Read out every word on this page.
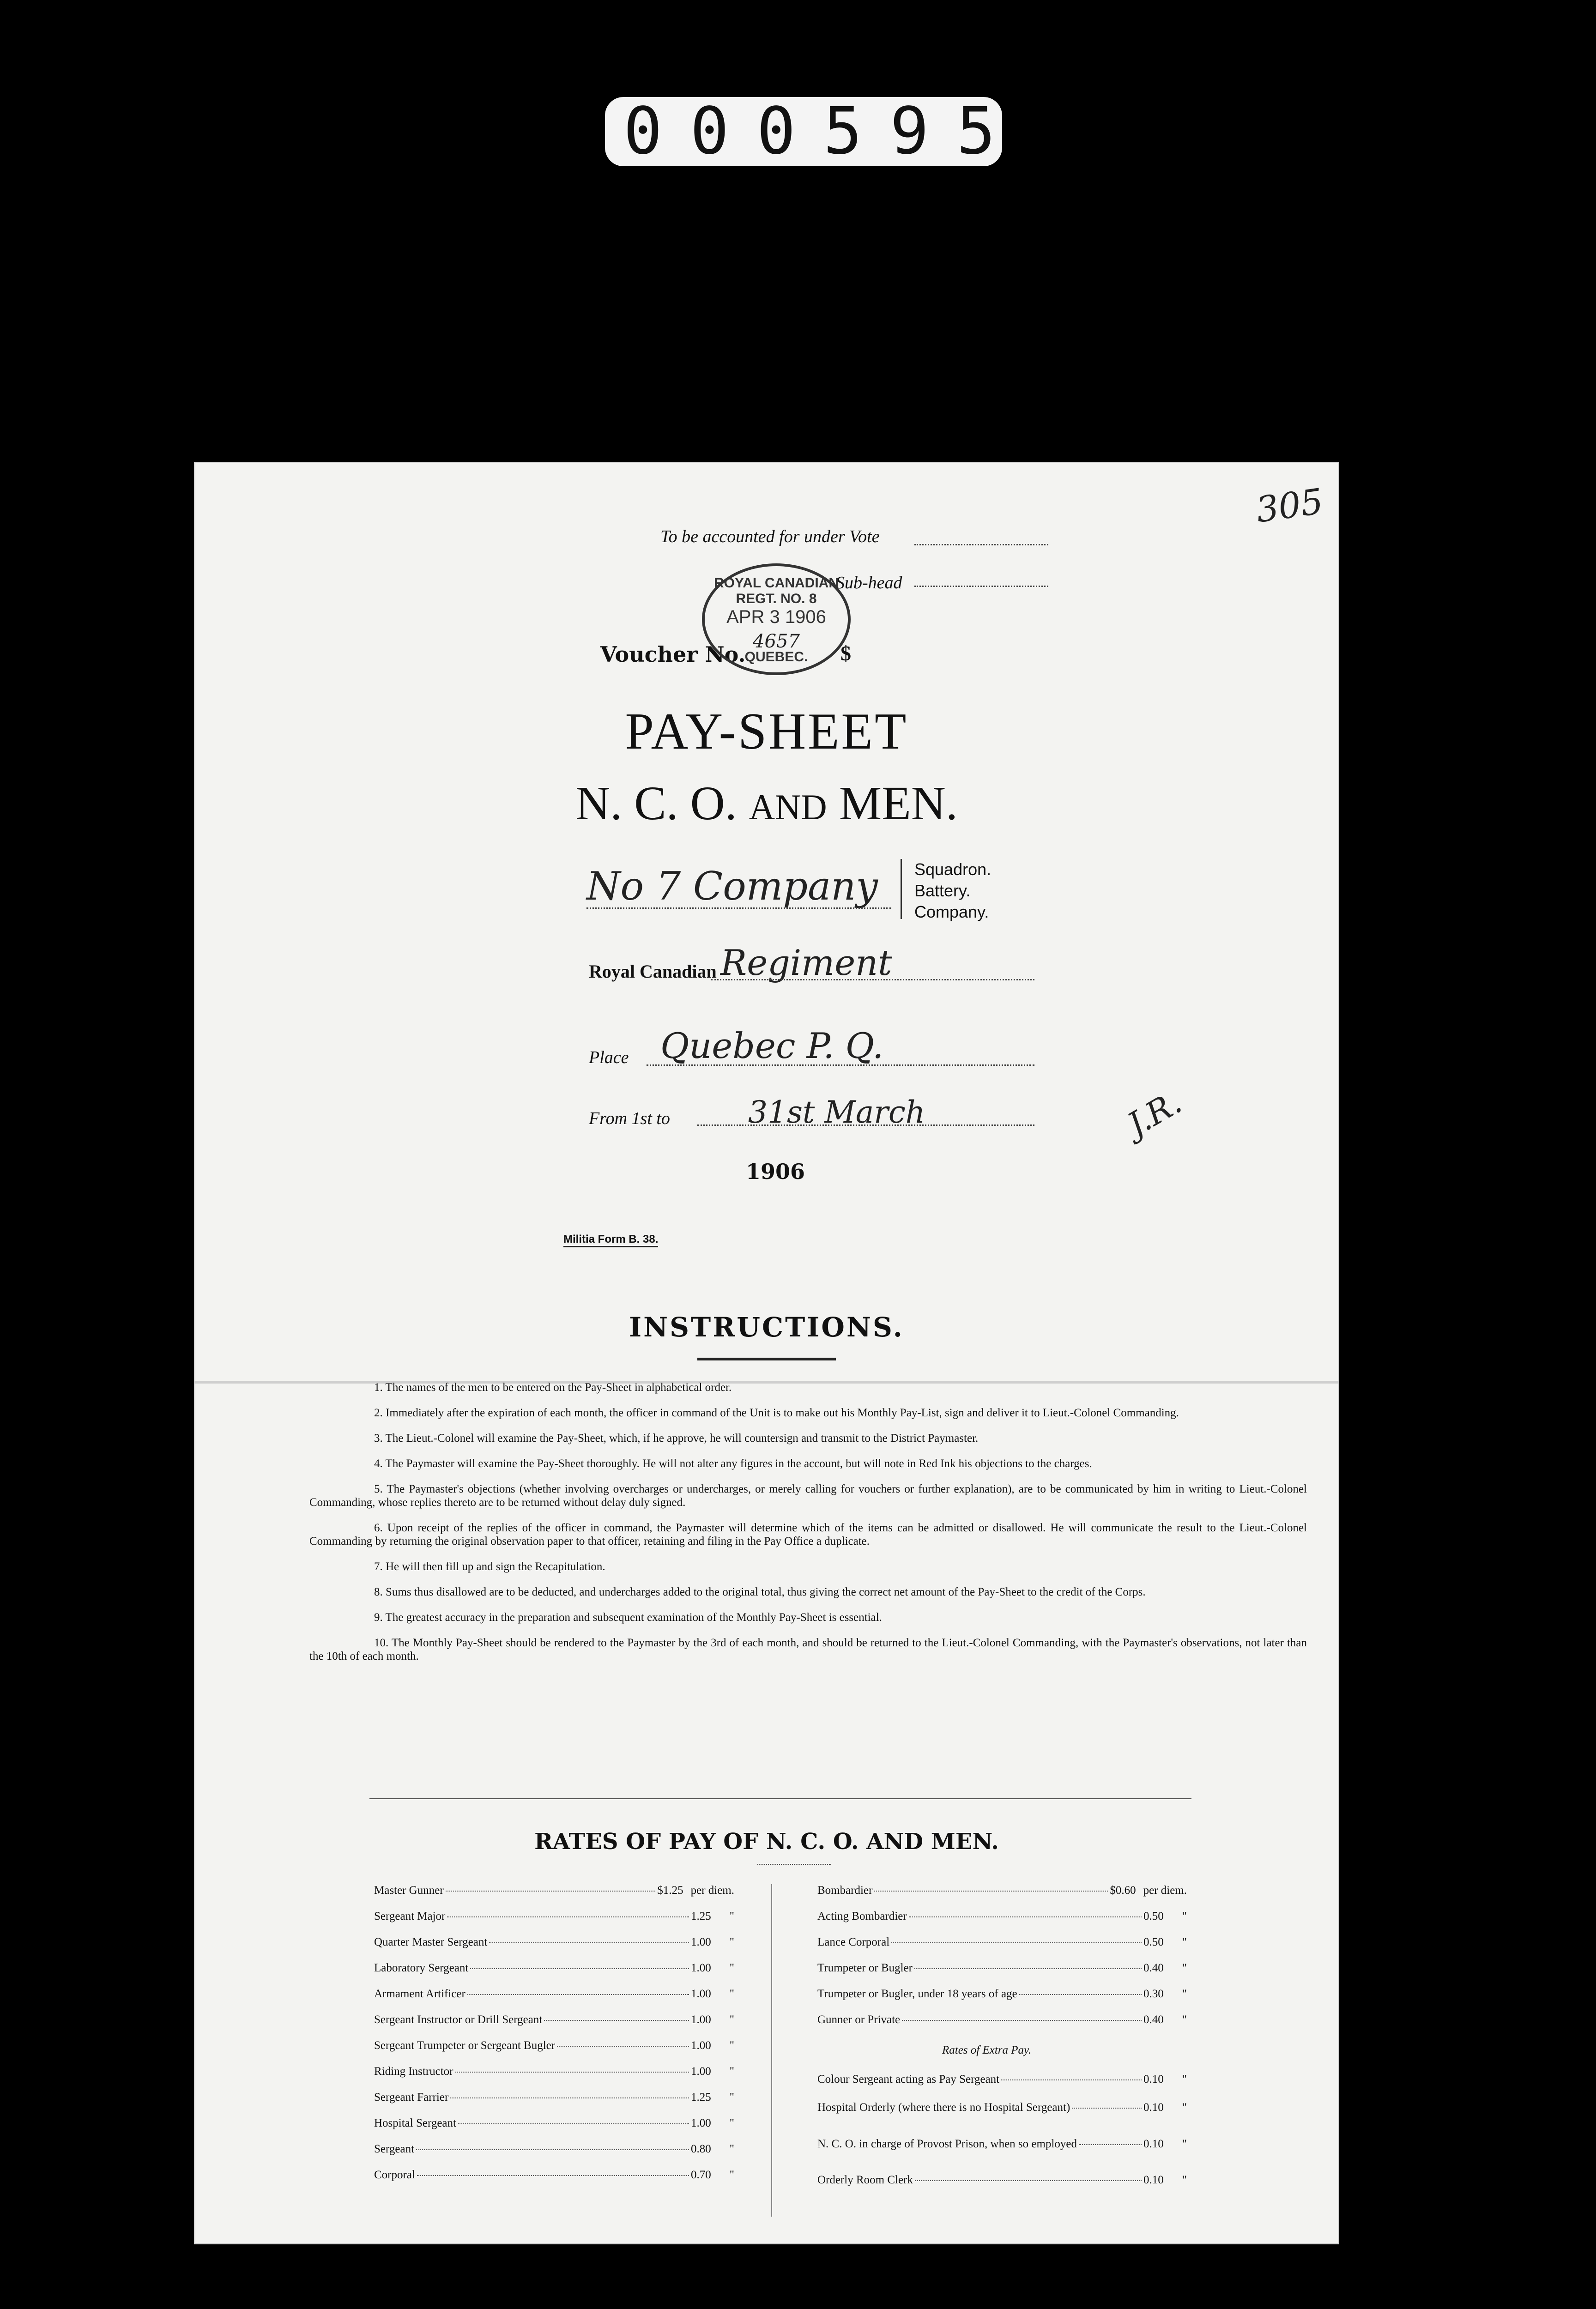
000595
305
To be accounted for under Vote
Sub-head
Voucher No.	$
ROYAL CANADIAN REGT. NO. 8
APR 3 1906
4657
QUEBEC.
PAY-SHEET
N. C. O. AND MEN.
No 7 Company Squadron.
Battery.
Company.
Royal Canadian Regiment
Place Quebec P. Q.
From 1st to	31st March
1906
J.R.
Militia Form B. 38.
INSTRUCTIONS.

1. The names of the men to be entered on the Pay-Sheet in alphabetical order.

2. Immediately after the expiration of each month, the officer in command of the Unit is to make out his Monthly Pay-List, sign and deliver it to Lieut.-Colonel Commanding.

3. The Lieut.-Colonel will examine the Pay-Sheet, which, if he approve, he will countersign and transmit to the District Paymaster.

4. The Paymaster will examine the Pay-Sheet thoroughly. He will not alter any figures in the account, but will note in Red Ink his objections to the charges.

5. The Paymaster's objections (whether involving overcharges or undercharges, or merely calling for vouchers or further explanation), are to be communicated by him in writing to Lieut.-Colonel Commanding, whose replies thereto are to be returned without delay duly signed.

6. Upon receipt of the replies of the officer in command, the Paymaster will determine which of the items can be admitted or disallowed. He will communicate the result to the Lieut.-Colonel Commanding by returning the original observation paper to that officer, retaining and filing in the Pay Office a duplicate.

7. He will then fill up and sign the Recapitulation.

8. Sums thus disallowed are to be deducted, and undercharges added to the original total, thus giving the correct net amount of the Pay-Sheet to the credit of the Corps.

9. The greatest accuracy in the preparation and subsequent examination of the Monthly Pay-Sheet is essential.

10. The Monthly Pay-Sheet should be rendered to the Paymaster by the 3rd of each month, and should be returned to the Lieut.-Colonel Commanding, with the Paymaster's observations, not later than the 10th of each month.

RATES OF PAY OF N. C. O. AND MEN.
Master Gunner	$1.25 per diem.
Sergeant Major	1.25 "
Quarter Master Sergeant	1.00 "
Laboratory Sergeant	1.00 "
Armament Artificer	1.00 "
Sergeant Instructor or Drill Sergeant	1.00 "
Sergeant Trumpeter or Sergeant Bugler	1.00 "
Riding Instructor	1.00 "
Sergeant Farrier	1.25 "
Hospital Sergeant	1.00 "
Sergeant	0.80 "
Corporal	0.70 "
Bombardier	$0.60 per diem.
Acting Bombardier	0.50 "
Lance Corporal	0.50 "
Trumpeter or Bugler	0.40 "
Trumpeter or Bugler, under 18 years of age	0.30 "
Gunner or Private	0.40 "
Rates of Extra Pay.
Colour Sergeant acting as Pay Sergeant	0.10 "
Hospital Orderly (where there is no Hospital Sergeant)	0.10 "
N. C. O. in charge of Provost Prison, when so employed	0.10 "
Orderly Room Clerk	0.10 "
